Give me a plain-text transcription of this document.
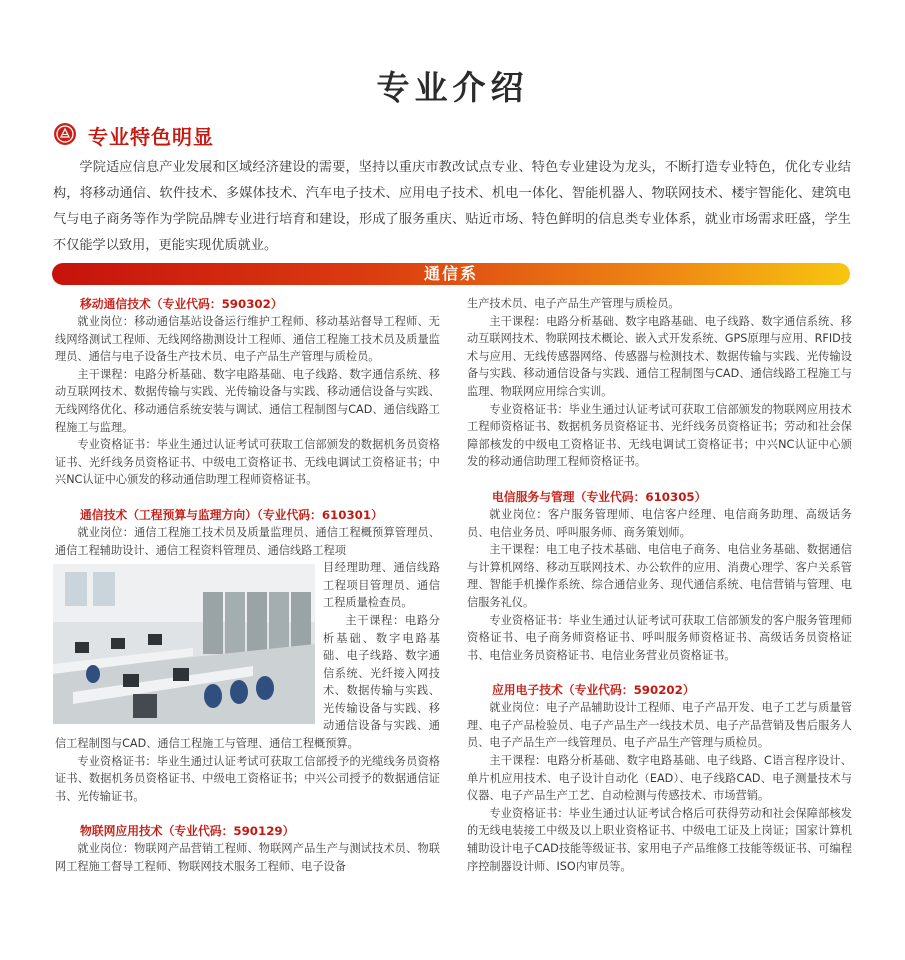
专业介绍
专业特色明显

学院适应信息产业发展和区域经济建设的需要，坚持以重庆市教改试点专业、特色专业建设为龙头，不断打造专业特色，优化专业结构，将移动通信、软件技术、多媒体技术、汽车电子技术、应用电子技术、机电一体化、智能机器人、物联网技术、楼宇智能化、建筑电气与电子商务等作为学院品牌专业进行培育和建设，形成了服务重庆、贴近市场、特色鲜明的信息类专业体系，就业市场需求旺盛，学生不仅能学以致用，更能实现优质就业。

通信系

移动通信技术（专业代码：590302）

就业岗位：移动通信基站设备运行维护工程师、移动基站督导工程师、无线网络测试工程师、无线网络勘测设计工程师、通信工程施工技术员及质量监理员、通信与电子设备生产技术员、电子产品生产管理与质检员。

主干课程：电路分析基础、数字电路基础、电子线路、数字通信系统、移动互联网技术、数据传输与实践、光传输设备与实践、移动通信设备与实践、无线网络优化、移动通信系统安装与调试、通信工程制图与CAD、通信线路工程施工与监理。

专业资格证书：毕业生通过认证考试可获取工信部颁发的数据机务员资格证书、光纤线务员资格证书、中级电工资格证书、无线电调试工资格证书；中兴NC认证中心颁发的移动通信助理工程师资格证书。

通信技术（工程预算与监理方向）（专业代码：610301）

就业岗位：通信工程施工技术员及质量监理员、通信工程概预算管理员、通信工程辅助设计、通信工程资料管理员、通信线路工程项

目经理助理、通信线路工程项目管理员、通信工程质量检查员。

主干课程：电路分析基础、数字电路基础、电子线路、数字通信系统、光纤接入网技术、数据传输与实践、光传输设备与实践、移动通信设备与实践、通信工程制图与CAD、通信工程施工与管理、通信工程概预算。

专业资格证书：毕业生通过认证考试可获取工信部授予的光缆线务员资格证书、数据机务员资格证书、中级电工资格证书；中兴公司授予的数据通信证书、光传输证书。

物联网应用技术（专业代码：590129）

就业岗位：物联网产品营销工程师、物联网产品生产与测试技术员、物联网工程施工督导工程师、物联网技术服务工程师、电子设备

生产技术员、电子产品生产管理与质检员。

主干课程：电路分析基础、数字电路基础、电子线路、数字通信系统、移动互联网技术、物联网技术概论、嵌入式开发系统、GPS原理与应用、RFID技术与应用、无线传感器网络、传感器与检测技术、数据传输与实践、光传输设备与实践、移动通信设备与实践、通信工程制图与CAD、通信线路工程施工与监理、物联网应用综合实训。

专业资格证书：毕业生通过认证考试可获取工信部颁发的物联网应用技术工程师资格证书、数据机务员资格证书、光纤线务员资格证书；劳动和社会保障部核发的中级电工资格证书、无线电调试工资格证书；中兴NC认证中心颁发的移动通信助理工程师资格证书。

电信服务与管理（专业代码：610305）

就业岗位：客户服务管理师、电信客户经理、电信商务助理、高级话务员、电信业务员、呼叫服务师、商务策划师。

主干课程：电工电子技术基础、电信电子商务、电信业务基础、数据通信与计算机网络、移动互联网技术、办公软件的应用、消费心理学、客户关系管理、智能手机操作系统、综合通信业务、现代通信系统、电信营销与管理、电信服务礼仪。

专业资格证书：毕业生通过认证考试可获取工信部颁发的客户服务管理师资格证书、电子商务师资格证书、呼叫服务师资格证书、高级话务员资格证书、电信业务员资格证书、电信业务营业员资格证书。

应用电子技术（专业代码：590202）

就业岗位：电子产品辅助设计工程师、电子产品开发、电子工艺与质量管理、电子产品检验员、电子产品生产一线技术员、电子产品营销及售后服务人员、电子产品生产一线管理员、电子产品生产管理与质检员。

主干课程：电路分析基础、数字电路基础、电子线路、C语言程序设计、单片机应用技术、电子设计自动化（EAD）、电子线路CAD、电子测量技术与仪器、电子产品生产工艺、自动检测与传感技术、市场营销。

专业资格证书：毕业生通过认证考试合格后可获得劳动和社会保障部核发的无线电装接工中级及以上职业资格证书、中级电工证及上岗证；国家计算机辅助设计电子CAD技能等级证书、家用电子产品维修工技能等级证书、可编程序控制器设计师、ISO内审员等。
